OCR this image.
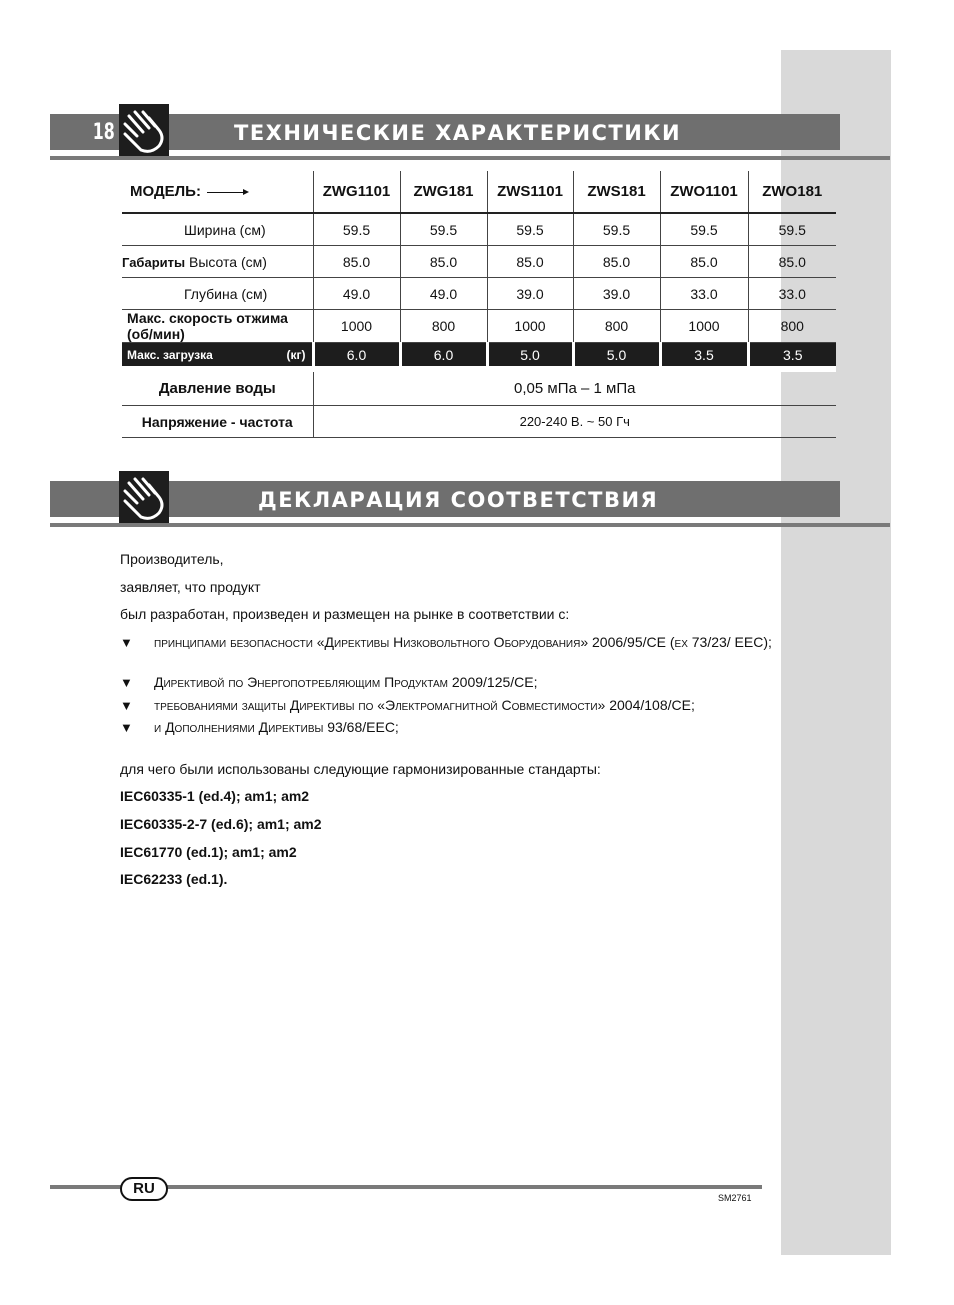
18	ТЕХНИЧЕСКИЕ ХАРАКТЕРИСТИКИ
МОДЕЛЬ:	ZWG1101	ZWG181	ZWS1101	ZWS181	ZWO1101	ZWO181
Ширина (см)	59.5	59.5	59.5	59.5	59.5	59.5
Габариты Высота (см)	85.0	85.0	85.0	85.0	85.0	85.0
Глубина (см)	49.0	49.0	39.0	39.0	33.0	33.0
Макс. скорость отжима (об/мин)	1000	800	1000	800	1000	800
Макс. загрузка (кг)	6.0	6.0	5.0	5.0	3.5	3.5
Давление воды	0,05 мПа – 1 мПа					
Напряжение - частота	220-240 В. ~ 50 Гч					
ДЕКЛАРАЦИЯ СООТВЕТСТВИЯ
Производитель,
заявляет, что продукт
был разработан, произведен и размещен на рынке в соответствии с:
▼ принципами безопасности «Директивы Низковольтного Оборудования» 2006/95/CE (ex 73/23/ EEC);
▼ Директивой по Энергопотребляющим Продуктам 2009/125/CE;
▼ требованиями защиты Директивы по «Электромагнитной Совместимости» 2004/108/CE;
▼ и Дополнениями Директивы 93/68/EEC;
для чего были использованы следующие гармонизированные стандарты:
IEC60335-1 (ed.4); am1; am2
IEC60335-2-7 (ed.6); am1; am2
IEC61770 (ed.1); am1; am2
IEC62233 (ed.1).
RU
SM2761
